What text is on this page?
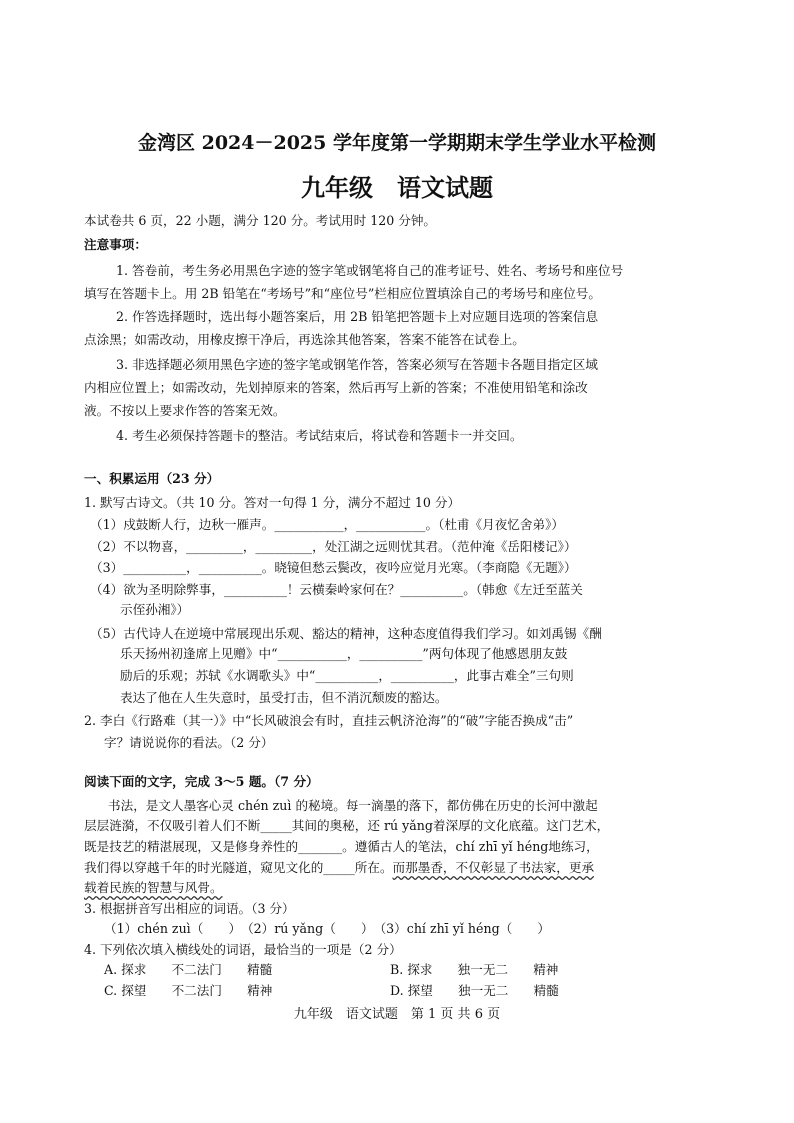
金湾区 2024－2025 学年度第一学期期末学生学业水平检测
九年级　语文试题
本试卷共 6 页，22 小题，满分 120 分。考试用时 120 分钟。
注意事项：
1. 答卷前，考生务必用黑色字迹的签字笔或钢笔将自己的准考证号、姓名、考场号和座位号
填写在答题卡上。用 2B 铅笔在“考场号”和“座位号”栏相应位置填涂自己的考场号和座位号。
2. 作答选择题时，选出每小题答案后，用 2B 铅笔把答题卡上对应题目选项的答案信息
点涂黑；如需改动，用橡皮擦干净后，再选涂其他答案，答案不能答在试卷上。
3. 非选择题必须用黑色字迹的签字笔或钢笔作答，答案必须写在答题卡各题目指定区域
内相应位置上；如需改动，先划掉原来的答案，然后再写上新的答案；不准使用铅笔和涂改
液。不按以上要求作答的答案无效。
4. 考生必须保持答题卡的整洁。考试结束后，将试卷和答题卡一并交回。
一、积累运用（23 分）
1. 默写古诗文。（共 10 分。答对一句得 1 分，满分不超过 10 分）
（1）戍鼓断人行，边秋一雁声。___________，___________。（杜甫《月夜忆舍弟》）
（2）不以物喜，_________，_________，处江湖之远则忧其君。（范仲淹《岳阳楼记》）
（3）__________，__________。晓镜但愁云鬓改，夜吟应觉月光寒。（李商隐《无题》）
（4）欲为圣明除弊事，__________！云横秦岭家何在？__________。（韩愈《左迁至蓝关
示侄孙湘》）
（5）古代诗人在逆境中常展现出乐观、豁达的精神，这种态度值得我们学习。如刘禹锡《酬
乐天扬州初逢席上见赠》中“___________，__________”两句体现了他感恩朋友鼓
励后的乐观；苏轼《水调歌头》中“__________，__________，此事古难全”三句则
表达了他在人生失意时，虽受打击，但不消沉颓废的豁达。
2. 李白《行路难（其一）》中“长风破浪会有时，直挂云帆济沧海”的“破”字能否换成“击”
字？请说说你的看法。（2 分）
阅读下面的文字，完成 3～5 题。（7 分）
书法，是文人墨客心灵 chén zuì 的秘境。每一滴墨的落下，都仿佛在历史的长河中激起
层层涟漪，不仅吸引着人们不断_____其间的奥秘，还 rú yǎng着深厚的文化底蕴。这门艺术，
既是技艺的精湛展现，又是修身养性的_______。遵循古人的笔法，chí zhī yǐ héng地练习，
我们得以穿越千年的时光隧道，窥见文化的_____所在。而那墨香，不仅彰显了书法家，更承
载着民族的智慧与风骨。
3. 根据拼音写出相应的词语。（3 分）
（1）chén zuì（　　）　（2）rú yǎng（　　）　（3）chí zhī yǐ héng（　　）
4. 下列依次填入横线处的词语，最恰当的一项是（2 分）
A. 探求　　不二法门　　精髓	B. 探求　　独一无二　　精神
C. 探望　　不二法门　　精神	D. 探望　　独一无二　　精髓
九年级　语文试题　第 1 页 共 6 页
